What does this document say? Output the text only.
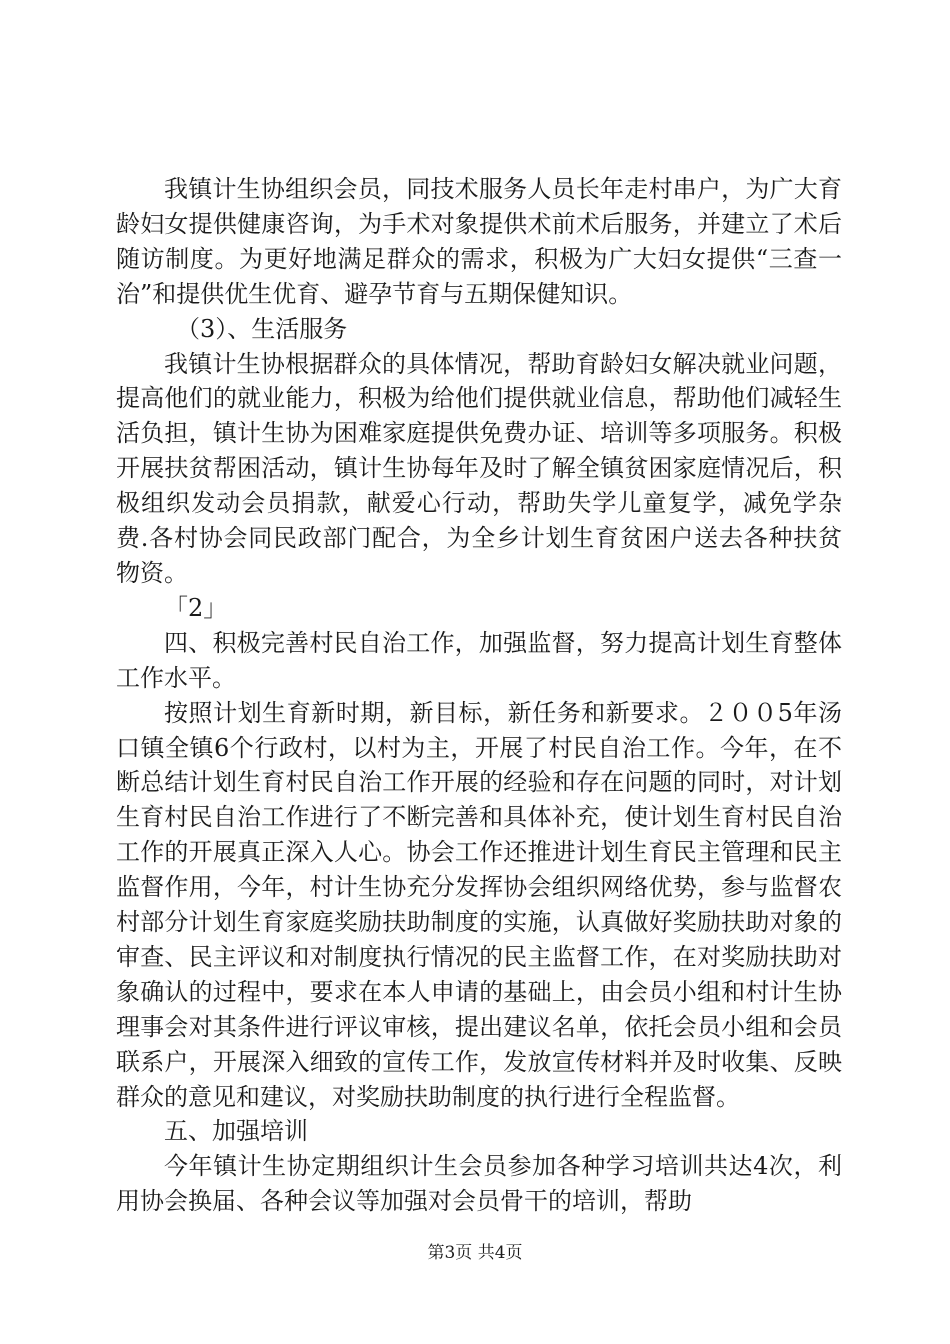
我镇计生协组织会员，同技术服务人员长年走村串户，为广大育龄妇女提供健康咨询，为手术对象提供术前术后服务，并建立了术后随访制度。为更好地满足群众的需求，积极为广大妇女提供“三查一治”和提供优生优育、避孕节育与五期保健知识。

（3）、生活服务

我镇计生协根据群众的具体情况，帮助育龄妇女解决就业问题，提高他们的就业能力，积极为给他们提供就业信息，帮助他们减轻生活负担，镇计生协为困难家庭提供免费办证、培训等多项服务。积极开展扶贫帮困活动，镇计生协每年及时了解全镇贫困家庭情况后，积极组织发动会员捐款，献爱心行动，帮助失学儿童复学，减免学杂费.各村协会同民政部门配合，为全乡计划生育贫困户送去各种扶贫物资。

「2」

四、积极完善村民自治工作，加强监督，努力提高计划生育整体工作水平。

按照计划生育新时期，新目标，新任务和新要求。２００5年汤口镇全镇6个行政村，以村为主，开展了村民自治工作。今年，在不断总结计划生育村民自治工作开展的经验和存在问题的同时，对计划生育村民自治工作进行了不断完善和具体补充，使计划生育村民自治工作的开展真正深入人心。协会工作还推进计划生育民主管理和民主监督作用，今年，村计生协充分发挥协会组织网络优势，参与监督农村部分计划生育家庭奖励扶助制度的实施，认真做好奖励扶助对象的审查、民主评议和对制度执行情况的民主监督工作，在对奖励扶助对象确认的过程中，要求在本人申请的基础上，由会员小组和村计生协理事会对其条件进行评议审核，提出建议名单，依托会员小组和会员联系户，开展深入细致的宣传工作，发放宣传材料并及时收集、反映群众的意见和建议，对奖励扶助制度的执行进行全程监督。

五、加强培训

今年镇计生协定期组织计生会员参加各种学习培训共达4次，利用协会换届、各种会议等加强对会员骨干的培训，帮助

第3页 共4页
